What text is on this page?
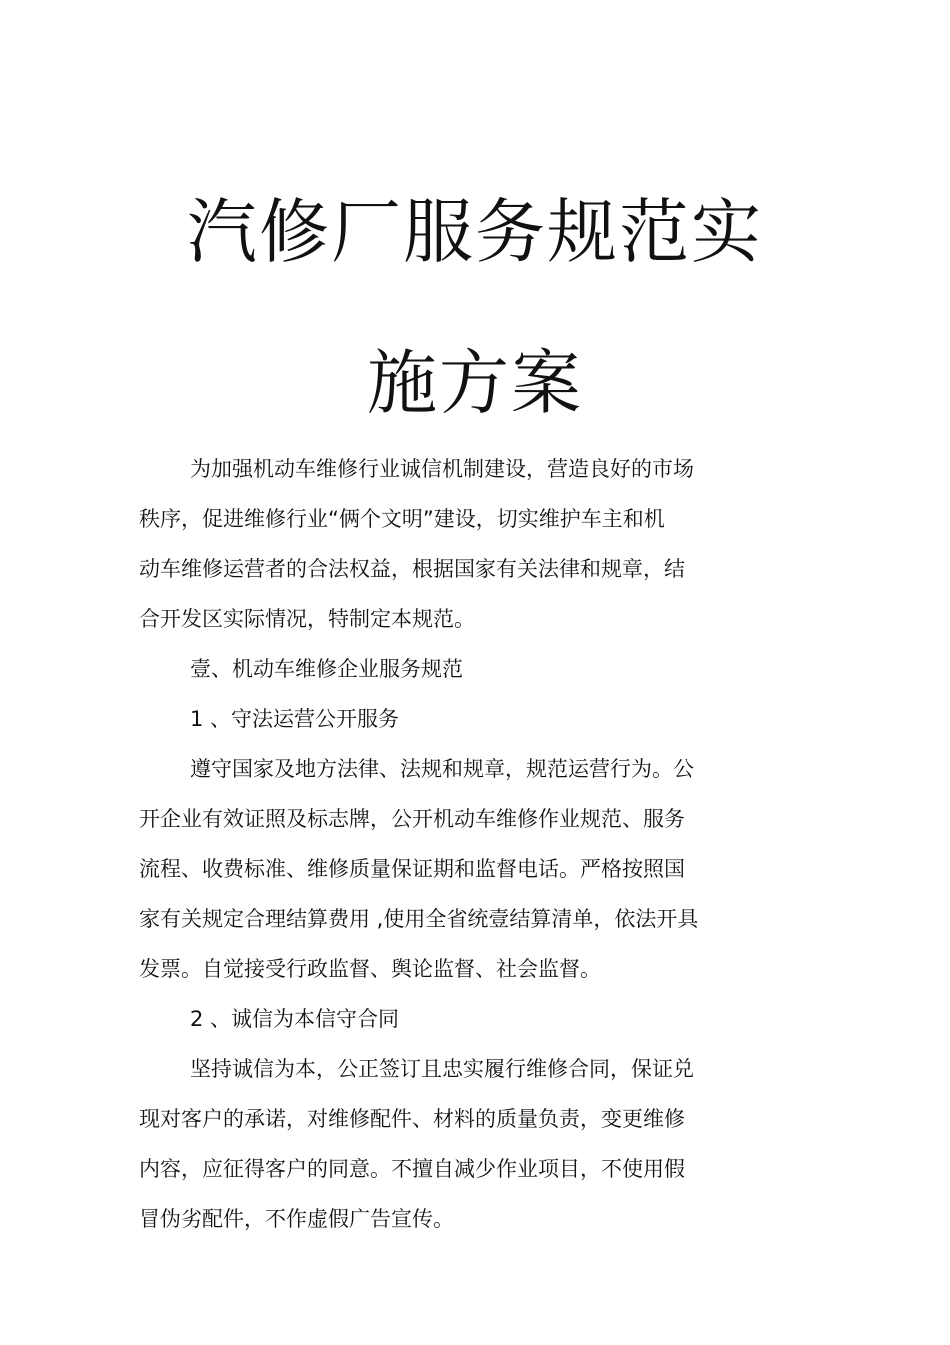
汽修厂服务规范实
施方案

为加强机动车维修行业诚信机制建设，营造良好的市场

秩序，促进维修行业“俩个文明”建设，切实维护车主和机

动车维修运营者的合法权益，根据国家有关法律和规章，结

合开发区实际情况，特制定本规范。

壹、机动车维修企业服务规范

1 、守法运营公开服务

遵守国家及地方法律、法规和规章，规范运营行为。公

开企业有效证照及标志牌，公开机动车维修作业规范、服务

流程、收费标准、维修质量保证期和监督电话。严格按照国

家有关规定合理结算费用 ,使用全省统壹结算清单，依法开具

发票。自觉接受行政监督、舆论监督、社会监督。

2 、诚信为本信守合同

坚持诚信为本，公正签订且忠实履行维修合同，保证兑

现对客户的承诺，对维修配件、材料的质量负责，变更维修

内容，应征得客户的同意。不擅自减少作业项目，不使用假

冒伪劣配件，不作虚假广告宣传。
